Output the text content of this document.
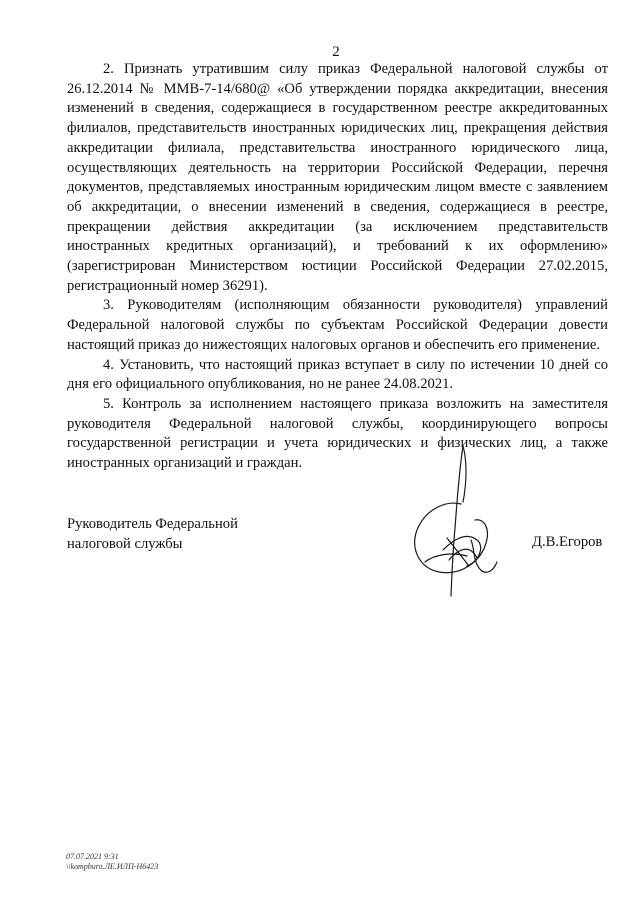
2

2. Признать утратившим силу приказ Федеральной налоговой службы от 26.12.2014 № ММВ-7-14/680@ «Об утверждении порядка аккредитации, внесения изменений в сведения, содержащиеся в государственном реестре аккредитованных филиалов, представительств иностранных юридических лиц, прекращения действия аккредитации филиала, представительства иностранного юридического лица, осуществляющих деятельность на территории Российской Федерации, перечня документов, представляемых иностранным юридическим лицом вместе с заявлением об аккредитации, о внесении изменений в сведения, содержащиеся в реестре, прекращении действия аккредитации (за исключением представительств иностранных кредитных организаций), и требований к их оформлению» (зарегистрирован Министерством юстиции Российской Федерации 27.02.2015, регистрационный номер 36291).

3. Руководителям (исполняющим обязанности руководителя) управлений Федеральной налоговой службы по субъектам Российской Федерации довести настоящий приказ до нижестоящих налоговых органов и обеспечить его применение.

4. Установить, что настоящий приказ вступает в силу по истечении 10 дней со дня его официального опубликования, но не ранее 24.08.2021.

5. Контроль за исполнением настоящего приказа возложить на заместителя руководителя Федеральной налоговой службы, координирующего вопросы государственной регистрации и учета юридических и физических лиц, а также иностранных организаций и граждан.

Руководитель Федеральной
налоговой службы	Д.В.Егоров
07.07.2021 9:31
\\kompburo.ЛЕ.ИЛП-Н6423
